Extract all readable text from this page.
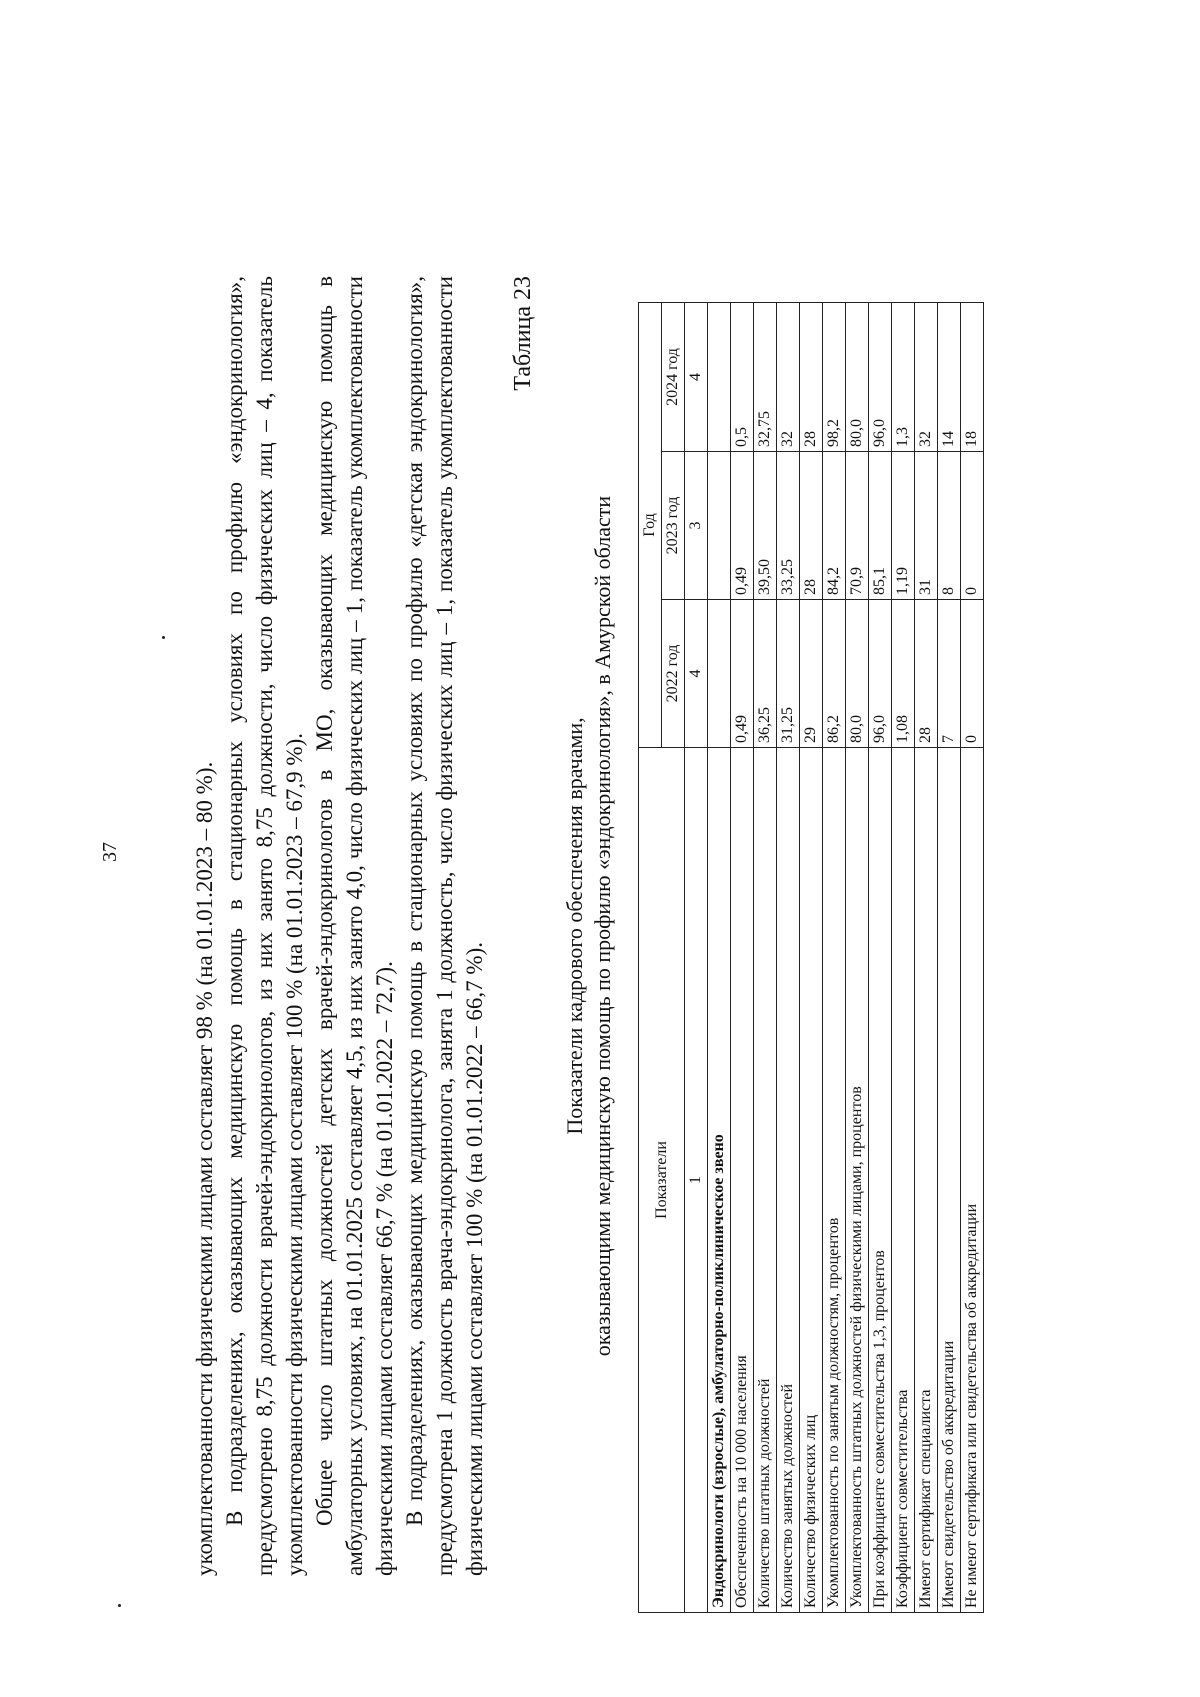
37	укомплектованности физическими лицами составляет 98 % (на 01.01.2023 – 80 %). В подразделениях, оказывающих медицинскую помощь в стационарных условиях по профилю «эндокринология», предусмотрено 8,75 должности врачей-эндокринологов, из них занято 8,75 должности, число физических лиц – 4, показатель укомплектованности физическими лицами составляет 100 % (на 01.01.2023 – 67,9 %). Общее число штатных должностей детских врачей-эндокринологов в МО, оказывающих медицинскую помощь в амбулаторных условиях, на 01.01.2025 составляет 4,5, из них занято 4,0, число физических лиц – 1, показатель укомплектованности физическими лицами составляет 66,7 % (на 01.01.2022 – 72,7). В подразделениях, оказывающих медицинскую помощь в стационарных условиях по профилю «детская эндокринология», предусмотрена 1 должность врача-эндокринолога, занята 1 должность, число физических лиц – 1, показатель укомплектованности физическими лицами составляет 100 % (на 01.01.2022 – 66,7 %).

Таблица 23
Показатели кадрового обеспечения врачами, оказывающими медицинскую помощь по профилю «эндокринология», в Амурской области Показатели	Год		
	2022 год	2023 год	2024 год
1	4	3	4
Эндокринологи (взрослые), амбулаторно-поликлиническое звено			
Обеспеченность на 10 000 населения	0,49	0,49	0,5
Количество штатных должностей	36,25	39,50	32,75
Количество занятых должностей	31,25	33,25	32
Количество физических лиц	29	28	28
Укомплектованность по занятым должностям, процентов	86,2	84,2	98,2
Укомплектованность штатных должностей физическими лицами, процентов	80,0	70,9	80,0
При коэффициенте совместительства 1,3, процентов	96,0	85,1	96,0
Коэффициент совместительства	1,08	1,19	1,3
Имеют сертификат специалиста	28	31	32
Имеют свидетельство об аккредитации	7	8	14
Не имеют сертификата или свидетельства об аккредитации	0	0	18
